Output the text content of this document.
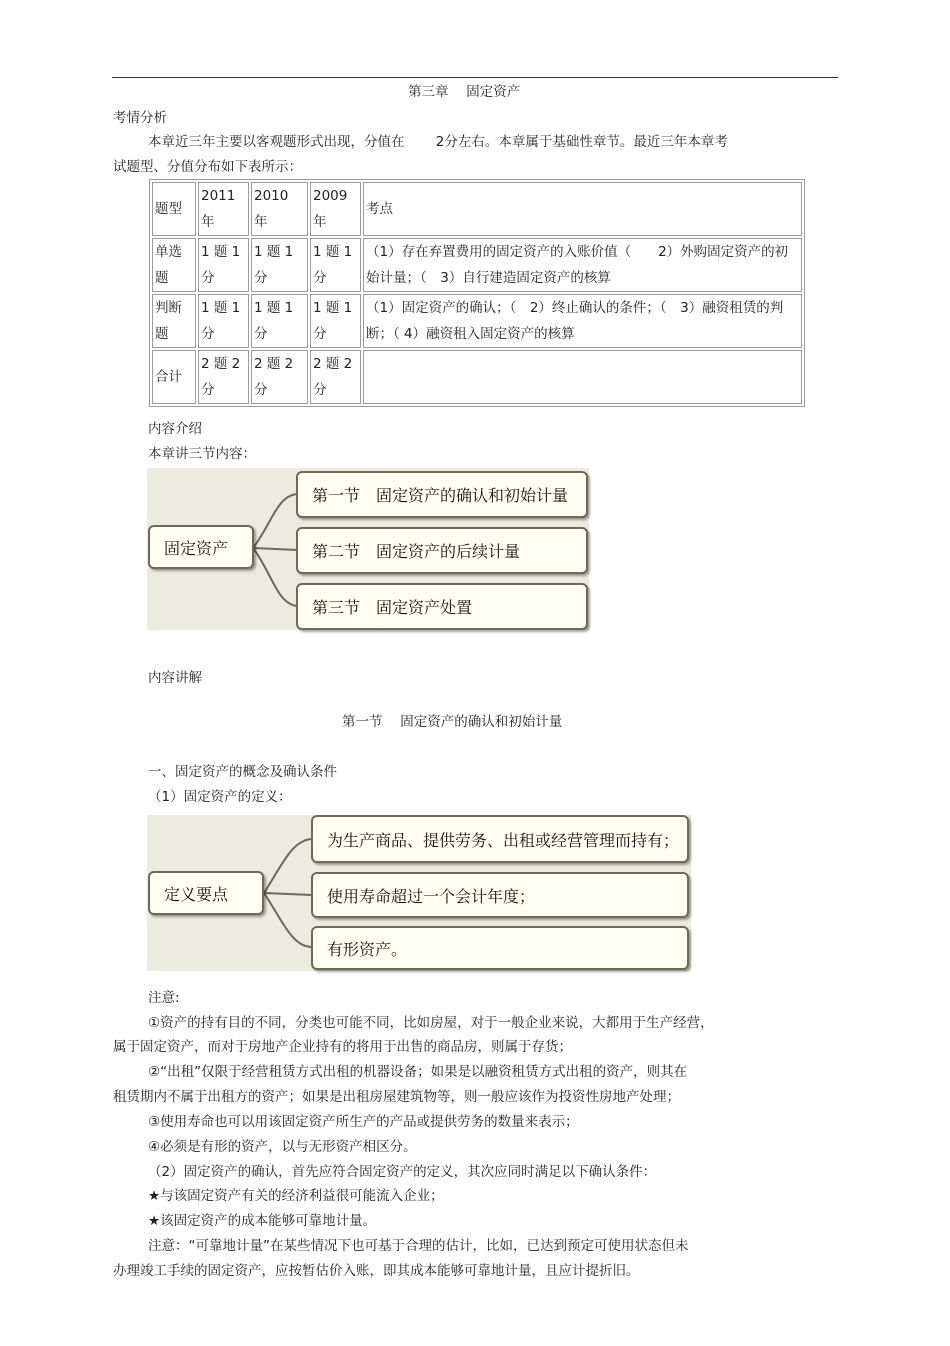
第三章　 固定资产
考情分析
本章近三年主要以客观题形式出现，分值在　　 2分左右。本章属于基础性章节。最近三年本章考
试题型、分值分布如下表所示：
题型	2011 年	2010 年	2009 年	考点
单选题	1 题 1 分	1 题 1 分	1 题 1 分	（1）存在弃置费用的固定资产的入账价值（　　2）外购固定资产的初始计量；（　3）自行建造固定资产的核算
判断题	1 题 1 分	1 题 1 分	1 题 1 分	（1）固定资产的确认；（　2）终止确认的条件；（　3）融资租赁的判断；（ 4）融资租入固定资产的核算
合计	2 题 2 分	2 题 2 分	2 题 2 分	
内容介绍
本章讲三节内容：
固定资产
第一节　固定资产的确认和初始计量
第二节　固定资产的后续计量
第三节　固定资产处置
内容讲解
第一节　 固定资产的确认和初始计量
一、固定资产的概念及确认条件
（1）固定资产的定义：
定义要点
为生产商品、提供劳务、出租或经营管理而持有；
使用寿命超过一个会计年度；
有形资产。

注意:

①资产的持有目的不同，分类也可能不同，比如房屋，对于一般企业来说，大都用于生产经营，

属于固定资产，而对于房地产企业持有的将用于出售的商品房，则属于存货；

②“出租”仅限于经营租赁方式出租的机器设备；如果是以融资租赁方式出租的资产，则其在

租赁期内不属于出租方的资产；如果是出租房屋建筑物等，则一般应该作为投资性房地产处理；

③使用寿命也可以用该固定资产所生产的产品或提供劳务的数量来表示；

④必须是有形的资产，以与无形资产相区分。

（2）固定资产的确认，首先应符合固定资产的定义，其次应同时满足以下确认条件：

★与该固定资产有关的经济利益很可能流入企业；

★该固定资产的成本能够可靠地计量。

注意：“可靠地计量”在某些情况下也可基于合理的估计，比如，已达到预定可使用状态但未

办理竣工手续的固定资产，应按暂估价入账，即其成本能够可靠地计量，且应计提折旧。
